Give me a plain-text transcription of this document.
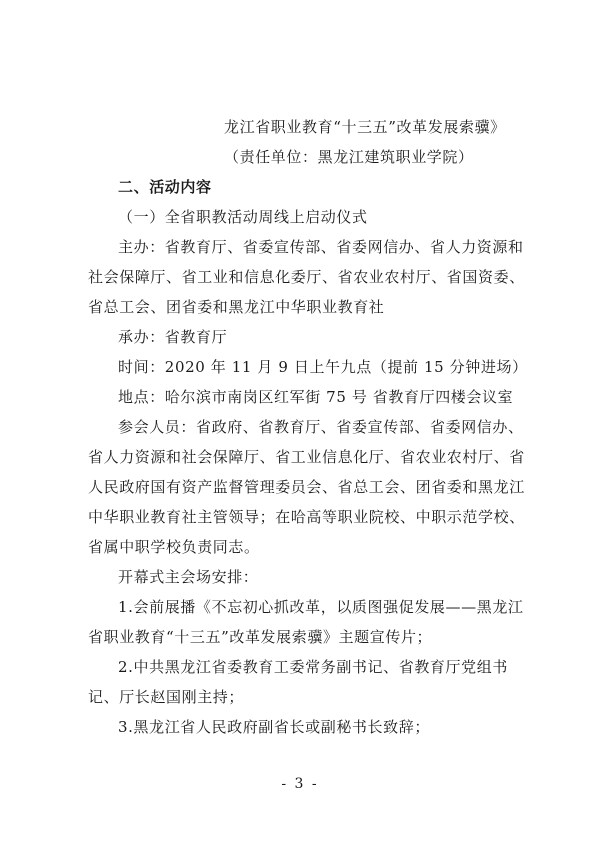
龙江省职业教育“十三五”改革发展索骥》
（责任单位：黑龙江建筑职业学院）
二、活动内容
（一）全省职教活动周线上启动仪式
主办：省教育厅、省委宣传部、省委网信办、省人力资源和
社会保障厅、省工业和信息化委厅、省农业农村厅、省国资委、
省总工会、团省委和黑龙江中华职业教育社
承办：省教育厅
时间：2020 年 11 月 9 日上午九点（提前 15 分钟进场）
地点：哈尔滨市南岗区红军街 75 号 省教育厅四楼会议室
参会人员：省政府、省教育厅、省委宣传部、省委网信办、
省人力资源和社会保障厅、省工业信息化厅、省农业农村厅、省
人民政府国有资产监督管理委员会、省总工会、团省委和黑龙江
中华职业教育社主管领导；在哈高等职业院校、中职示范学校、
省属中职学校负责同志。
开幕式主会场安排：
1.会前展播《不忘初心抓改革，以质图强促发展——黑龙江
省职业教育“十三五”改革发展索骥》主题宣传片；
2.中共黑龙江省委教育工委常务副书记、省教育厅党组书
记、厅长赵国刚主持；
3.黑龙江省人民政府副省长或副秘书长致辞；
- 3 -
